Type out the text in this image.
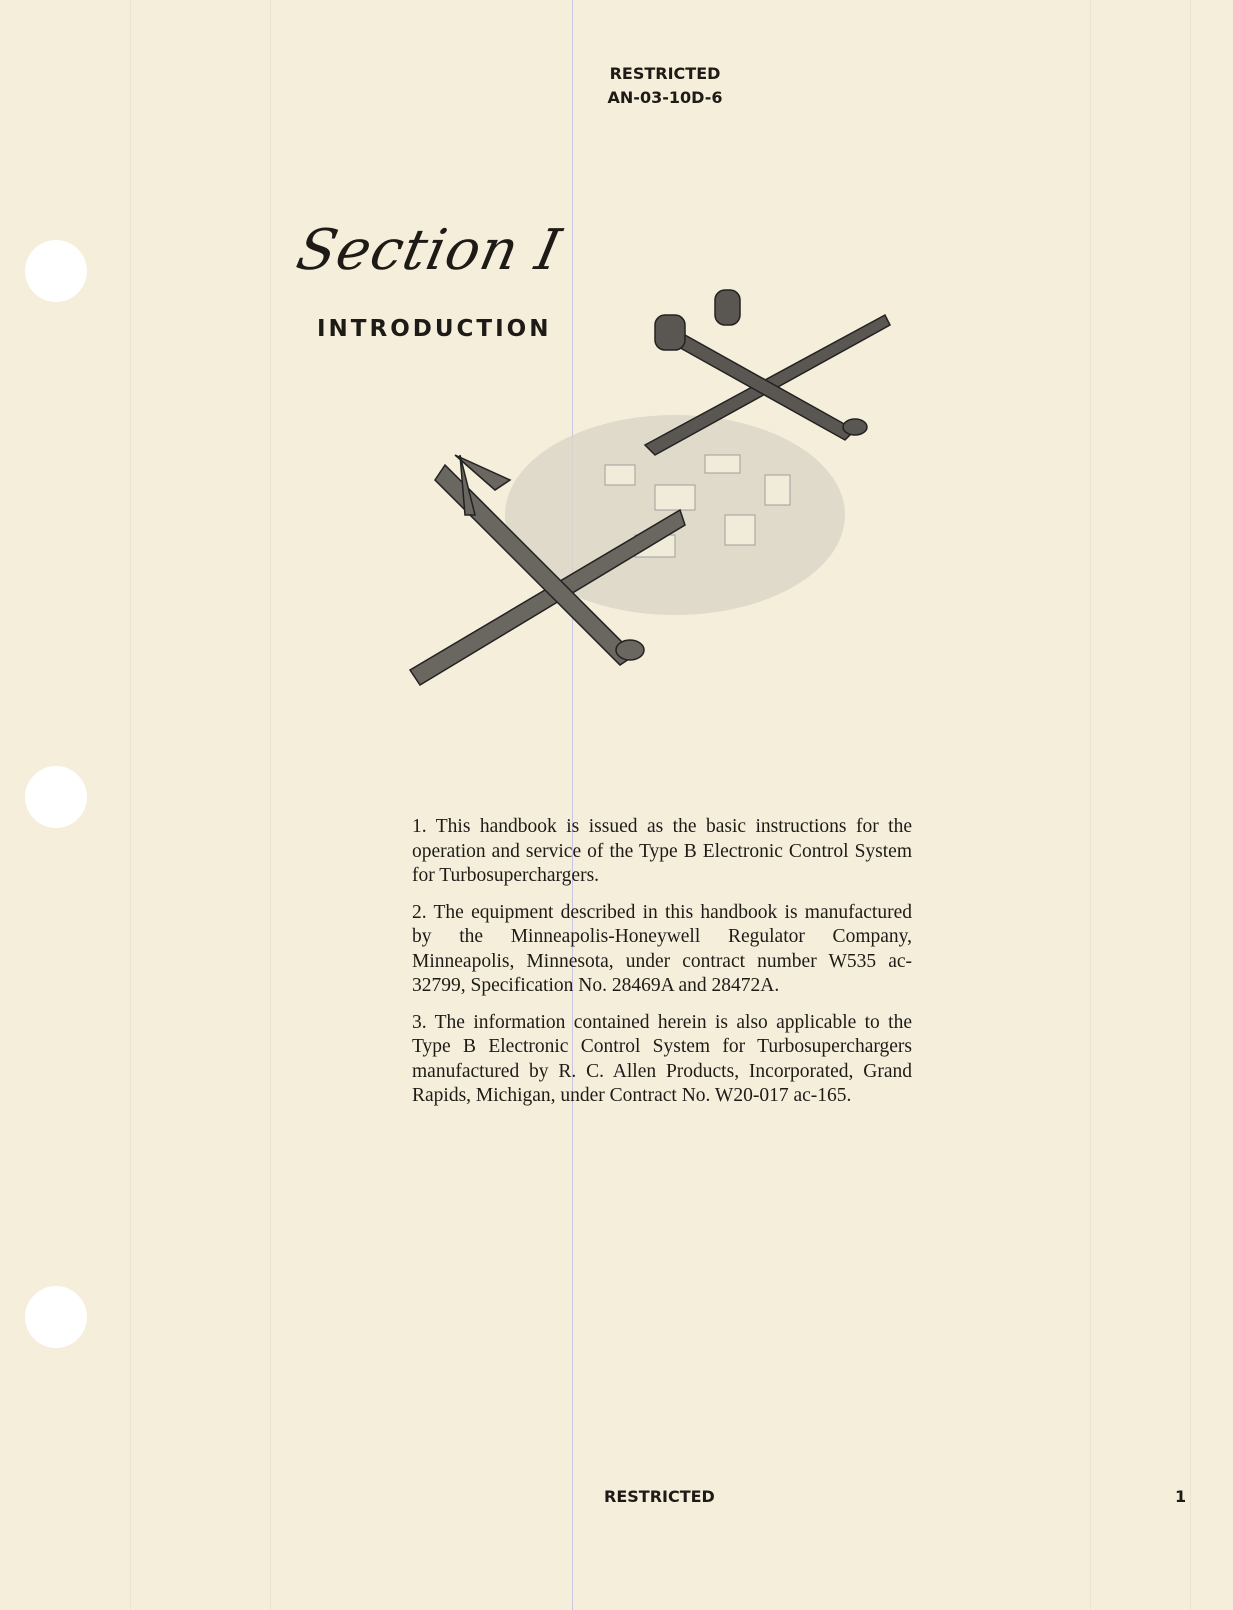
RESTRICTED
AN-03-10D-6
Section I
INTRODUCTION

1. This handbook is issued as the basic instructions for the operation and service of the Type B Electronic Control System for Turbosuperchargers.

2. The equipment described in this handbook is manufactured by the Minneapolis-Honeywell Regulator Company, Minneapolis, Minnesota, under contract number W535 ac-32799, Specification No. 28469A and 28472A.

3. The information contained herein is also applicable to the Type B Electronic Control System for Turbosuperchargers manufactured by R. C. Allen Products, Incorporated, Grand Rapids, Michigan, under Contract No. W20-017 ac-165.

RESTRICTED	1
